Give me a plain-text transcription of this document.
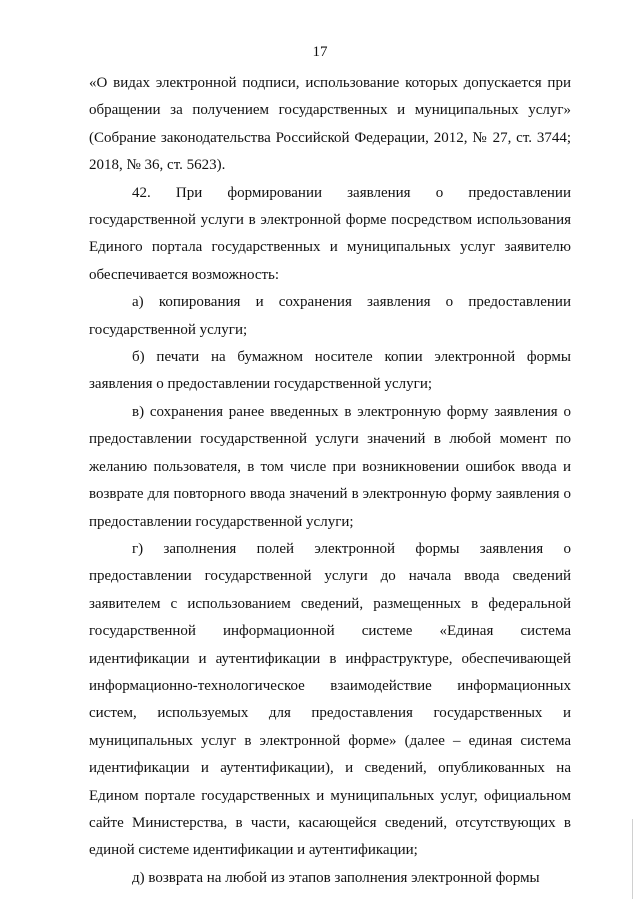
17

«О видах электронной подписи, использование которых допускается при обращении за получением государственных и муниципальных услуг» (Собрание законодательства Российской Федерации, 2012, № 27, ст. 3744; 2018, № 36, ст. 5623).

42. При формировании заявления о предоставлении государственной услуги в электронной форме посредством использования Единого портала государственных и муниципальных услуг заявителю обеспечивается возможность:

а) копирования и сохранения заявления о предоставлении государственной услуги;

б) печати на бумажном носителе копии электронной формы заявления о предоставлении государственной услуги;

в) сохранения ранее введенных в электронную форму заявления о предоставлении государственной услуги значений в любой момент по желанию пользователя, в том числе при возникновении ошибок ввода и возврате для повторного ввода значений в электронную форму заявления о предоставлении государственной услуги;

г) заполнения полей электронной формы заявления о предоставлении государственной услуги до начала ввода сведений заявителем с использованием сведений, размещенных в федеральной государственной информационной системе «Единая система идентификации и аутентификации в инфраструктуре, обеспечивающей информационно-технологическое взаимодействие информационных систем, используемых для предоставления государственных и муниципальных услуг в электронной форме» (далее – единая система идентификации и аутентификации), и сведений, опубликованных на Едином портале государственных и муниципальных услуг, официальном сайте Министерства, в части, касающейся сведений, отсутствующих в единой системе идентификации и аутентификации;

д) возврата на любой из этапов заполнения электронной формы
